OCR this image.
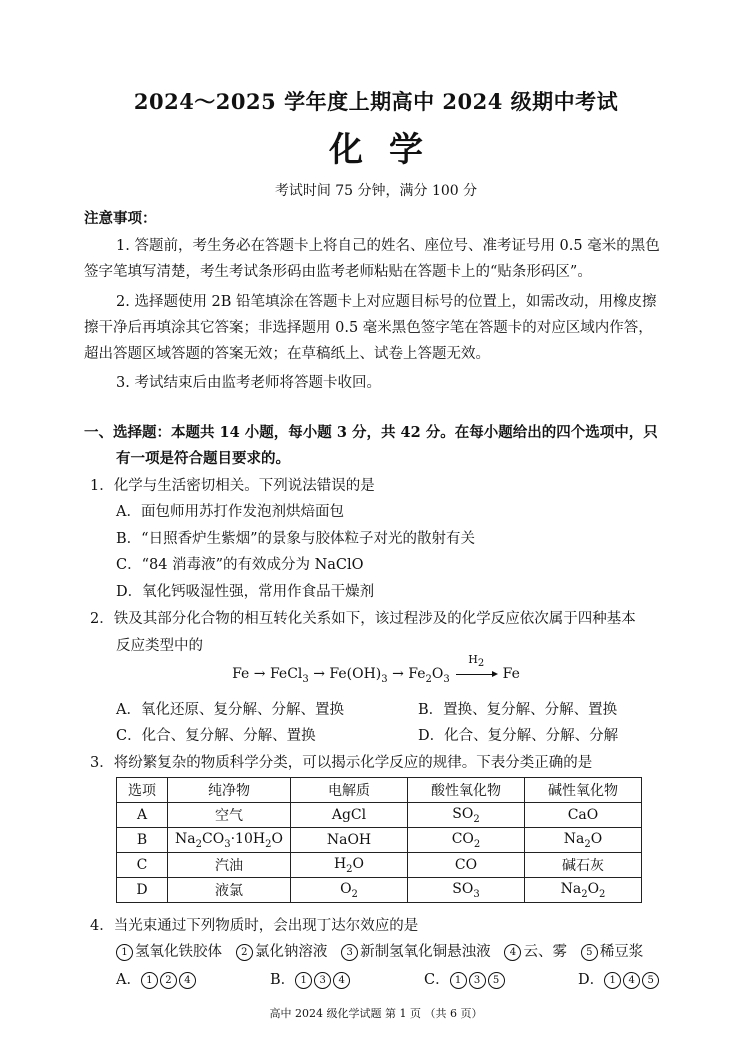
2024～2025 学年度上期高中 2024 级期中考试
化学
考试时间 75 分钟，满分 100 分
注意事项：
1. 答题前，考生务必在答题卡上将自己的姓名、座位号、准考证号用 0.5 毫米的黑色
签字笔填写清楚，考生考试条形码由监考老师粘贴在答题卡上的“贴条形码区”。
2. 选择题使用 2B 铅笔填涂在答题卡上对应题目标号的位置上，如需改动，用橡皮擦
擦干净后再填涂其它答案；非选择题用 0.5 毫米黑色签字笔在答题卡的对应区域内作答，
超出答题区域答题的答案无效；在草稿纸上、试卷上答题无效。
3. 考试结束后由监考老师将答题卡收回。
一、选择题：本题共 14 小题，每小题 3 分，共 42 分。在每小题给出的四个选项中，只
有一项是符合题目要求的。
1．化学与生活密切相关。下列说法错误的是
A．面包师用苏打作发泡剂烘焙面包
B．“日照香炉生紫烟”的景象与胶体粒子对光的散射有关
C．“84 消毒液”的有效成分为 NaClO
D．氧化钙吸湿性强，常用作食品干燥剂
2．铁及其部分化合物的相互转化关系如下，该过程涉及的化学反应依次属于四种基本
反应类型中的
Fe → FeCl$_3$ → $Fe(OH)_3 \to Fe_2O_3$
$H_2$
Fe
A．氧化还原、复分解、分解、置换	B．置换、复分解、分解、置换
C．化合、复分解、分解、置换	D．化合、复分解、分解、分解
3．将纷繁复杂的物质科学分类，可以揭示化学反应的规律。下表分类正确的是
选项	纯净物	电解质	酸性氧化物	碱性氧化物
A	空气	AgCl	$SO_2$	CaO
B	$Na_2CO_3\cdot 10H_2O$	NaOH	$CO_2$	$Na_2O$
C	汽油	$H_2O$	CO	碱石灰
D	液氯	$O_2$	$SO_3$	$Na_2O_2$
4．当光束通过下列物质时，会出现丁达尔效应的是
1 氢氧化铁胶体 2 氯化钠溶液 3 新制氢氧化铜悬浊液 4 云、雾 5 稀豆浆
A． 1 2 4	B． 1 3 4	C． 1 3 5	D． 1 4 5
高中 2024 级化学试题 第 1 页 （共 6 页）
